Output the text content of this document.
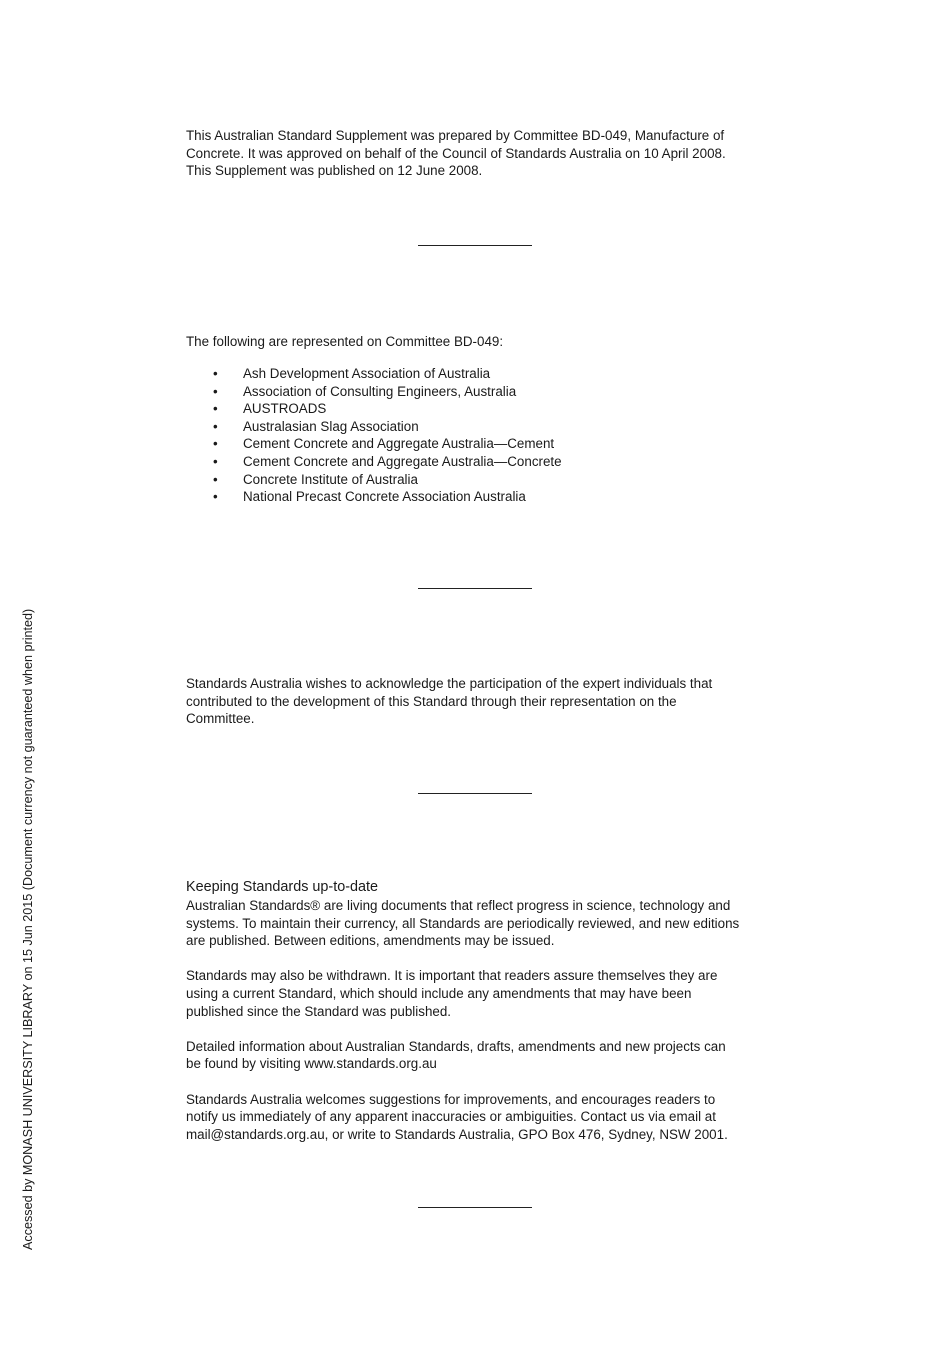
This Australian Standard Supplement was prepared by Committee BD-049, Manufacture of
Concrete. It was approved on behalf of the Council of Standards Australia on 10 April 2008.
This Supplement was published on 12 June 2008.

The following are represented on Committee BD-049:

• Ash Development Association of Australia
• Association of Consulting Engineers, Australia
• AUSTROADS
• Australasian Slag Association
• Cement Concrete and Aggregate Australia—Cement
• Cement Concrete and Aggregate Australia—Concrete
• Concrete Institute of Australia
• National Precast Concrete Association Australia

Standards Australia wishes to acknowledge the participation of the expert individuals that
contributed to the development of this Standard through their representation on the
Committee.

Keeping Standards up-to-date

Australian Standards® are living documents that reflect progress in science, technology and
systems. To maintain their currency, all Standards are periodically reviewed, and new editions
are published. Between editions, amendments may be issued.

Standards may also be withdrawn. It is important that readers assure themselves they are
using a current Standard, which should include any amendments that may have been
published since the Standard was published.

Detailed information about Australian Standards, drafts, amendments and new projects can
be found by visiting www.standards.org.au

Standards Australia welcomes suggestions for improvements, and encourages readers to
notify us immediately of any apparent inaccuracies or ambiguities. Contact us via email at
mail@standards.org.au, or write to Standards Australia, GPO Box 476, Sydney, NSW 2001.

Accessed by MONASH UNIVERSITY LIBRARY on 15 Jun 2015 (Document currency not guaranteed when printed)
